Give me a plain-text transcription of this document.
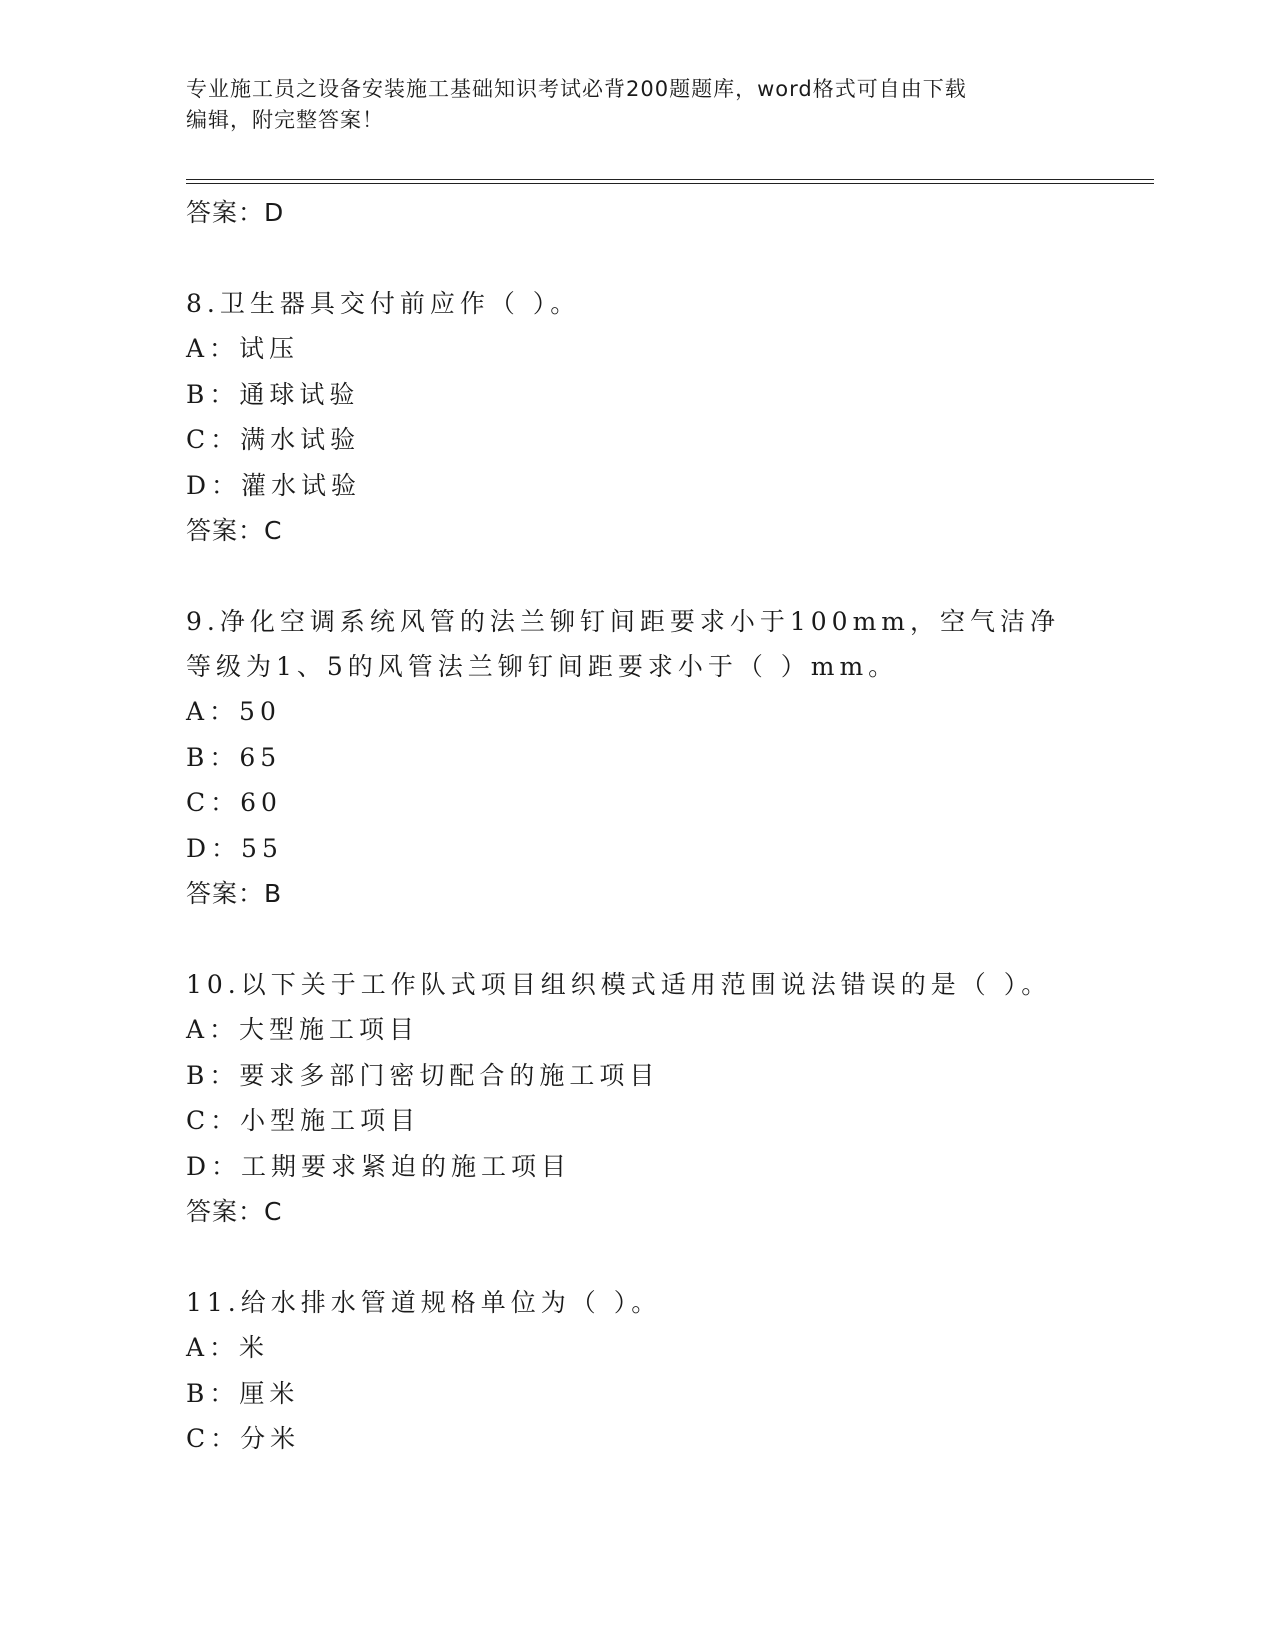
专业施工员之设备安装施工基础知识考试必背200题题库，word格式可自由下载
编辑，附完整答案！
答案：D
8.卫生器具交付前应作（ ）。
A：试压
B：通球试验
C：满水试验
D：灌水试验
答案：C
9.净化空调系统风管的法兰铆钉间距要求小于100mm，空气洁净等级为1、5的风管法兰铆钉间距要求小于（ ）mm。
A：50
B：65
C：60
D：55
答案：B
10.以下关于工作队式项目组织模式适用范围说法错误的是（ ）。
A：大型施工项目
B：要求多部门密切配合的施工项目
C：小型施工项目
D：工期要求紧迫的施工项目
答案：C
11.给水排水管道规格单位为（ ）。
A：米
B：厘米
C：分米
